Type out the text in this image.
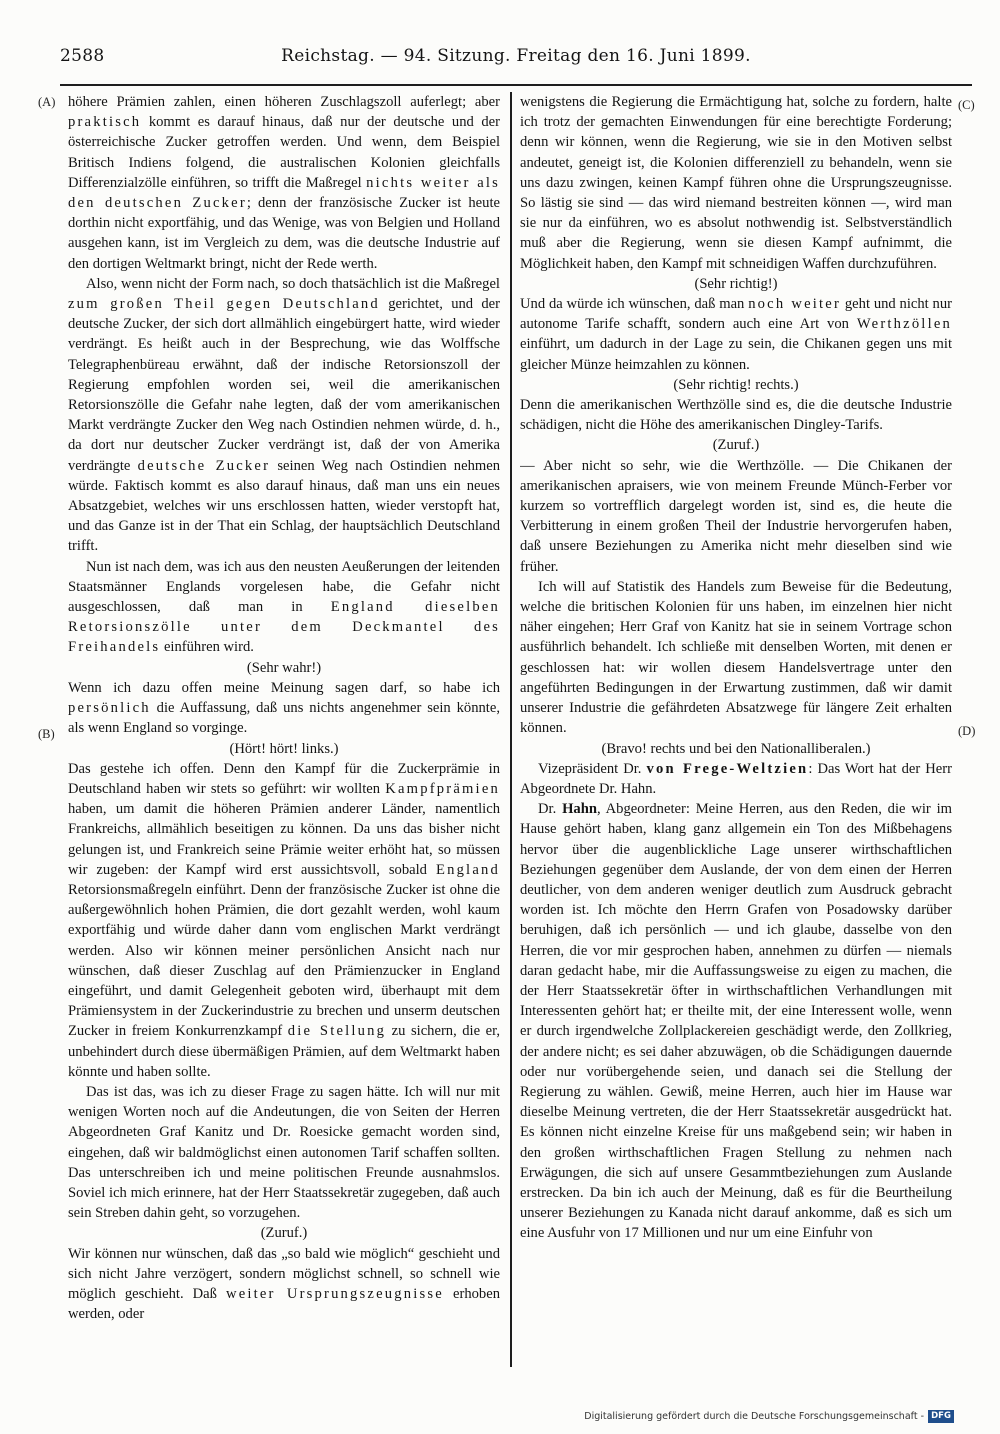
2588	Reichstag. — 94. Sitzung. Freitag den 16. Juni 1899.
(A)
(B)
(C)
(D)

höhere Prämien zahlen, einen höheren Zuschlagszoll auferlegt; aber praktisch kommt es darauf hinaus, daß nur der deutsche und der österreichische Zucker getroffen werden. Und wenn, dem Beispiel Britisch Indiens folgend, die australischen Kolonien gleichfalls Differenzialzölle einführen, so trifft die Maßregel nichts weiter als den deutschen Zucker; denn der französische Zucker ist heute dorthin nicht exportfähig, und das Wenige, was von Belgien und Holland ausgehen kann, ist im Vergleich zu dem, was die deutsche Industrie auf den dortigen Weltmarkt bringt, nicht der Rede werth.

Also, wenn nicht der Form nach, so doch thatsächlich ist die Maßregel zum großen Theil gegen Deutschland gerichtet, und der deutsche Zucker, der sich dort allmählich eingebürgert hatte, wird wieder verdrängt. Es heißt auch in der Besprechung, wie das Wolffsche Telegraphenbüreau erwähnt, daß der indische Retorsionszoll der Regierung empfohlen worden sei, weil die amerikanischen Retorsionszölle die Gefahr nahe legten, daß der vom amerikanischen Markt verdrängte Zucker den Weg nach Ostindien nehmen würde, d. h., da dort nur deutscher Zucker verdrängt ist, daß der von Amerika verdrängte deutsche Zucker seinen Weg nach Ostindien nehmen würde. Faktisch kommt es also darauf hinaus, daß man uns ein neues Absatzgebiet, welches wir uns erschlossen hatten, wieder verstopft hat, und das Ganze ist in der That ein Schlag, der hauptsächlich Deutschland trifft.

Nun ist nach dem, was ich aus den neusten Aeußerungen der leitenden Staatsmänner Englands vorgelesen habe, die Gefahr nicht ausgeschlossen, daß man in England dieselben Retorsionszölle unter dem Deckmantel des Freihandels einführen wird.

(Sehr wahr!)

Wenn ich dazu offen meine Meinung sagen darf, so habe ich persönlich die Auffassung, daß uns nichts angenehmer sein könnte, als wenn England so vorginge.

(Hört! hört! links.)

Das gestehe ich offen. Denn den Kampf für die Zuckerprämie in Deutschland haben wir stets so geführt: wir wollten Kampfprämien haben, um damit die höheren Prämien anderer Länder, namentlich Frankreichs, allmählich beseitigen zu können. Da uns das bisher nicht gelungen ist, und Frankreich seine Prämie weiter erhöht hat, so müssen wir zugeben: der Kampf wird erst aussichtsvoll, sobald England Retorsionsmaßregeln einführt. Denn der französische Zucker ist ohne die außergewöhnlich hohen Prämien, die dort gezahlt werden, wohl kaum exportfähig und würde daher dann vom englischen Markt verdrängt werden. Also wir können meiner persönlichen Ansicht nach nur wünschen, daß dieser Zuschlag auf den Prämienzucker in England eingeführt, und damit Gelegenheit geboten wird, überhaupt mit dem Prämiensystem in der Zuckerindustrie zu brechen und unserm deutschen Zucker in freiem Konkurrenzkampf die Stellung zu sichern, die er, unbehindert durch diese übermäßigen Prämien, auf dem Weltmarkt haben könnte und haben sollte.

Das ist das, was ich zu dieser Frage zu sagen hätte. Ich will nur mit wenigen Worten noch auf die Andeutungen, die von Seiten der Herren Abgeordneten Graf Kanitz und Dr. Roesicke gemacht worden sind, eingehen, daß wir baldmöglichst einen autonomen Tarif schaffen sollten. Das unterschreiben ich und meine politischen Freunde ausnahmslos. Soviel ich mich erinnere, hat der Herr Staatssekretär zugegeben, daß auch sein Streben dahin geht, so vorzugehen.

(Zuruf.)

Wir können nur wünschen, daß das „so bald wie möglich“ geschieht und sich nicht Jahre verzögert, sondern möglichst schnell, so schnell wie möglich geschieht. Daß weiter Ursprungszeugnisse erhoben werden, oder

wenigstens die Regierung die Ermächtigung hat, solche zu fordern, halte ich trotz der gemachten Einwendungen für eine berechtigte Forderung; denn wir können, wenn die Regierung, wie sie in den Motiven selbst andeutet, geneigt ist, die Kolonien differenziell zu behandeln, wenn sie uns dazu zwingen, keinen Kampf führen ohne die Ursprungszeugnisse. So lästig sie sind — das wird niemand bestreiten können —, wird man sie nur da einführen, wo es absolut nothwendig ist. Selbstverständlich muß aber die Regierung, wenn sie diesen Kampf aufnimmt, die Möglichkeit haben, den Kampf mit schneidigen Waffen durchzuführen.

(Sehr richtig!)

Und da würde ich wünschen, daß man noch weiter geht und nicht nur autonome Tarife schafft, sondern auch eine Art von Werthzöllen einführt, um dadurch in der Lage zu sein, die Chikanen gegen uns mit gleicher Münze heimzahlen zu können.

(Sehr richtig! rechts.)

Denn die amerikanischen Werthzölle sind es, die die deutsche Industrie schädigen, nicht die Höhe des amerikanischen Dingley-Tarifs.

(Zuruf.)

— Aber nicht so sehr, wie die Werthzölle. — Die Chikanen der amerikanischen apraisers, wie von meinem Freunde Münch-Ferber vor kurzem so vortrefflich dargelegt worden ist, sind es, die heute die Verbitterung in einem großen Theil der Industrie hervorgerufen haben, daß unsere Beziehungen zu Amerika nicht mehr dieselben sind wie früher.

Ich will auf Statistik des Handels zum Beweise für die Bedeutung, welche die britischen Kolonien für uns haben, im einzelnen hier nicht näher eingehen; Herr Graf von Kanitz hat sie in seinem Vortrage schon ausführlich behandelt. Ich schließe mit denselben Worten, mit denen er geschlossen hat: wir wollen diesem Handelsvertrage unter den angeführten Bedingungen in der Erwartung zustimmen, daß wir damit unserer Industrie die gefährdeten Absatzwege für längere Zeit erhalten können.

(Bravo! rechts und bei den Nationalliberalen.)

Vizepräsident Dr. von Frege-Weltzien: Das Wort hat der Herr Abgeordnete Dr. Hahn.

Dr. Hahn, Abgeordneter: Meine Herren, aus den Reden, die wir im Hause gehört haben, klang ganz allgemein ein Ton des Mißbehagens hervor über die augenblickliche Lage unserer wirthschaftlichen Beziehungen gegenüber dem Auslande, der von dem einen der Herren deutlicher, von dem anderen weniger deutlich zum Ausdruck gebracht worden ist. Ich möchte den Herrn Grafen von Posadowsky darüber beruhigen, daß ich persönlich — und ich glaube, dasselbe von den Herren, die vor mir gesprochen haben, annehmen zu dürfen — niemals daran gedacht habe, mir die Auffassungsweise zu eigen zu machen, die der Herr Staatssekretär öfter in wirthschaftlichen Verhandlungen mit Interessenten gehört hat; er theilte mit, der eine Interessent wolle, wenn er durch irgendwelche Zollplackereien geschädigt werde, den Zollkrieg, der andere nicht; es sei daher abzuwägen, ob die Schädigungen dauernde oder nur vorübergehende seien, und danach sei die Stellung der Regierung zu wählen. Gewiß, meine Herren, auch hier im Hause war dieselbe Meinung vertreten, die der Herr Staatssekretär ausgedrückt hat. Es können nicht einzelne Kreise für uns maßgebend sein; wir haben in den großen wirthschaftlichen Fragen Stellung zu nehmen nach Erwägungen, die sich auf unsere Gesammtbeziehungen zum Auslande erstrecken. Da bin ich auch der Meinung, daß es für die Beurtheilung unserer Beziehungen zu Kanada nicht darauf ankomme, daß es sich um eine Ausfuhr von 17 Millionen und nur um eine Einfuhr von

Digitalisierung gefördert durch die Deutsche Forschungsgemeinschaft - DFG
